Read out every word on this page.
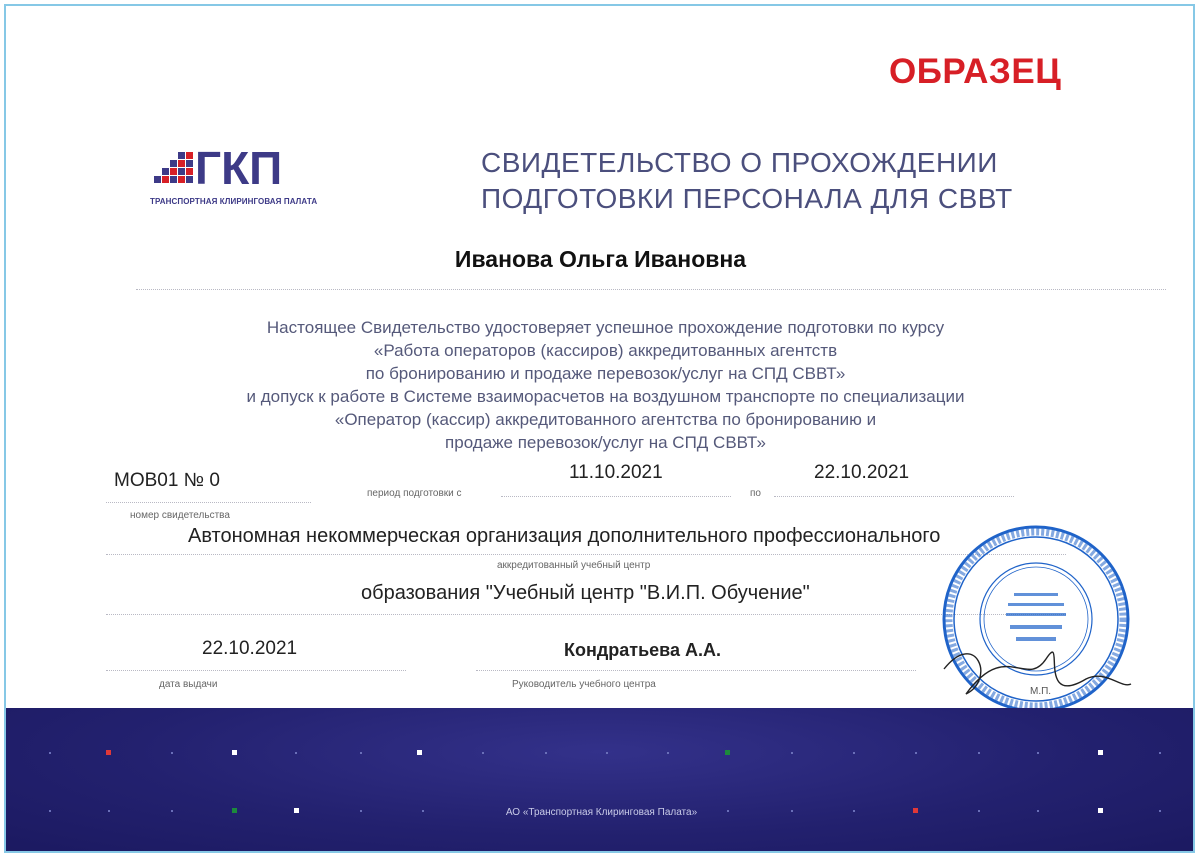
ОБРАЗЕЦ
ГКП
ТРАНСПОРТНАЯ КЛИРИНГОВАЯ ПАЛАТА
СВИДЕТЕЛЬСТВО О ПРОХОЖДЕНИИ
ПОДГОТОВКИ ПЕРСОНАЛА ДЛЯ СВВТ
Иванова Ольга Ивановна
Настоящее Свидетельство удостоверяет успешное прохождение подготовки по курсу
«Работа операторов (кассиров) аккредитованных агентств
по бронированию и продаже перевозок/услуг на СПД СВВТ»
и допуск к работе в Системе взаиморасчетов на воздушном транспорте по специализации
«Оператор (кассир) аккредитованного агентства по бронированию и
продаже перевозок/услуг на СПД СВВТ»
МОВ01 № 0
номер свидетельства
период подготовки с
11.10.2021
по
22.10.2021
Автономная некоммерческая организация дополнительного профессионального
аккредитованный учебный центр
образования "Учебный центр "В.И.П. Обучение"
22.10.2021
дата выдачи
Кондратьева А.А.
Руководитель учебного центра
М.П.
АО «Транспортная Клиринговая Палата»
